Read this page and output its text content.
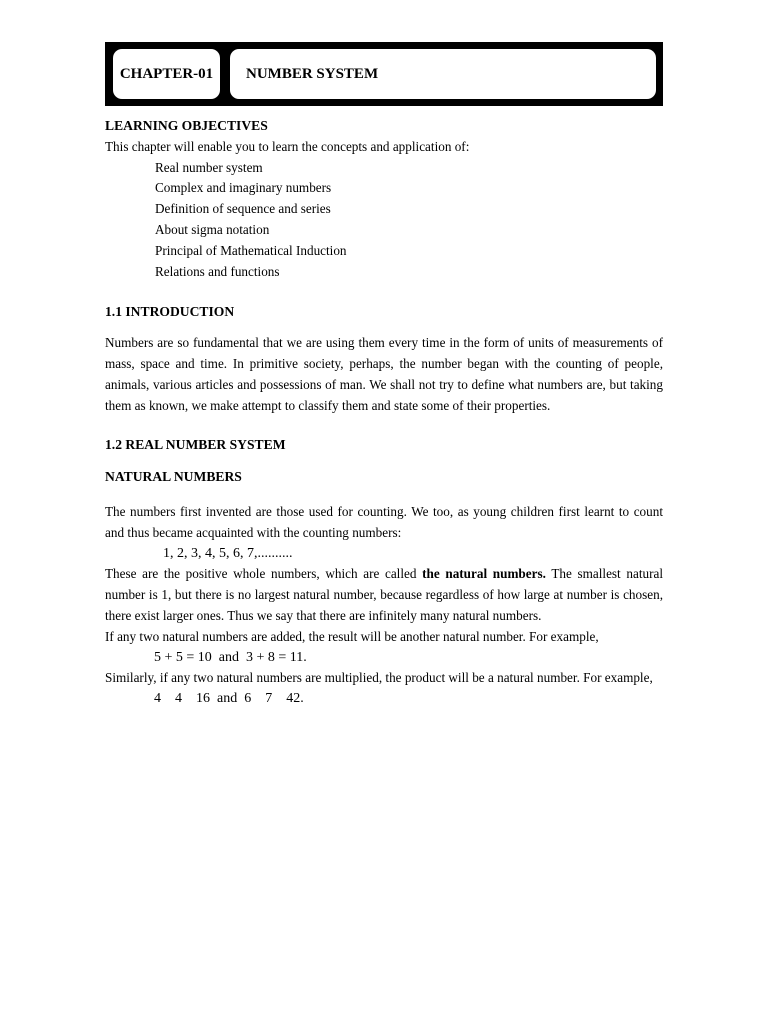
CHAPTER-01	NUMBER SYSTEM

LEARNING OBJECTIVES

This chapter will enable you to learn the concepts and application of:

Real number system
Complex and imaginary numbers
Definition of sequence and series
About sigma notation
Principal of Mathematical Induction
Relations and functions

1.1 INTRODUCTION

Numbers are so fundamental that we are using them every time in the form of units of measurements of mass, space and time. In primitive society, perhaps, the number began with the counting of people, animals, various articles and possessions of man. We shall not try to define what numbers are, but taking them as known, we make attempt to classify them and state some of their properties.

1.2 REAL NUMBER SYSTEM

NATURAL NUMBERS

The numbers first invented are those used for counting. We too, as young children first learnt to count and thus became acquainted with the counting numbers:

1, 2, 3, 4, 5, 6, 7,..........

These are the positive whole numbers, which are called the natural numbers. The smallest natural number is 1, but there is no largest natural number, because regardless of how large at number is chosen, there exist larger ones. Thus we say that there are infinitely many natural numbers.

If any two natural numbers are added, the result will be another natural number. For example,

5 + 5 = 10  and  3 + 8 = 11.

Similarly, if any two natural numbers are multiplied, the product will be a natural number. For example,

4    4    16  and  6    7    42.
